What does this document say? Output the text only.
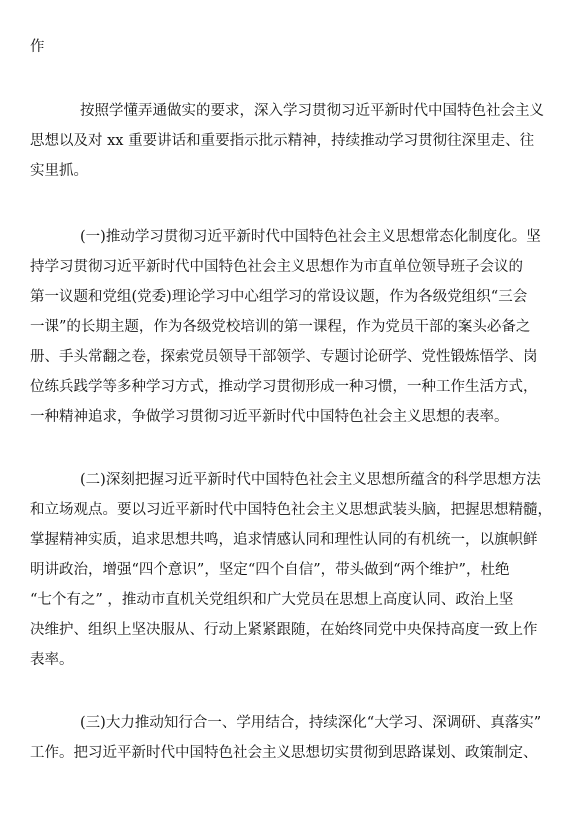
作
按照学懂弄通做实的要求，深入学习贯彻习近平新时代中国特色社会主义
思想以及对 xx 重要讲话和重要指示批示精神，持续推动学习贯彻往深里走、往
实里抓。
(一)推动学习贯彻习近平新时代中国特色社会主义思想常态化制度化。坚
持学习贯彻习近平新时代中国特色社会主义思想作为市直单位领导班子会议的
第一议题和党组(党委)理论学习中心组学习的常设议题，作为各级党组织“三会
一课”的长期主题，作为各级党校培训的第一课程，作为党员干部的案头必备之
册、手头常翻之卷，探索党员领导干部领学、专题讨论研学、党性锻炼悟学、岗
位练兵践学等多种学习方式，推动学习贯彻形成一种习惯，一种工作生活方式，
一种精神追求，争做学习贯彻习近平新时代中国特色社会主义思想的表率。
(二)深刻把握习近平新时代中国特色社会主义思想所蕴含的科学思想方法
和立场观点。要以习近平新时代中国特色社会主义思想武装头脑，把握思想精髓，
掌握精神实质，追求思想共鸣，追求情感认同和理性认同的有机统一，以旗帜鲜
明讲政治，增强“四个意识”，坚定“四个自信”，带头做到“两个维护”，杜绝
“七个有之” ，推动市直机关党组织和广大党员在思想上高度认同、政治上坚
决维护、组织上坚决服从、行动上紧紧跟随，在始终同党中央保持高度一致上作
表率。
(三)大力推动知行合一、学用结合，持续深化“大学习、深调研、真落实”
工作。把习近平新时代中国特色社会主义思想切实贯彻到思路谋划、政策制定、
